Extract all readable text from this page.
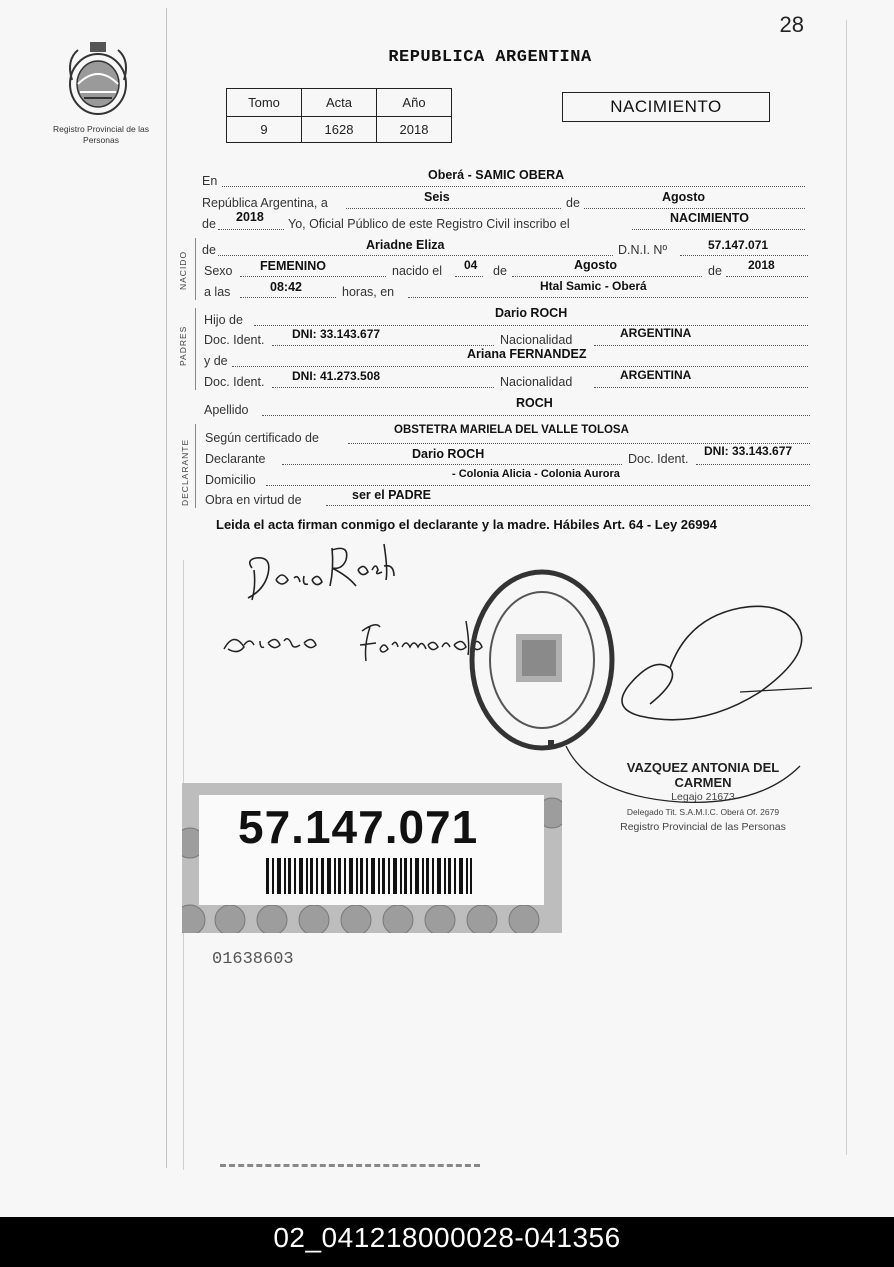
28
Registro Provincial de las Personas
REPUBLICA ARGENTINA
Tomo	Acta	Año
9	1628	2018
NACIMIENTO
En	Oberá - SAMIC OBERA
República Argentina, a	Seis	de	Agosto
de 2018 Yo, Oficial Público de este Registro Civil inscribo el	NACIMIENTO
NACIDO
de	Ariadne Eliza	D.N.I. Nº	57.147.071
Sexo FEMENINO	nacido el 04 de	Agosto	de 2018
a las	08:42	horas, en	Htal Samic - Oberá
PADRES
Hijo de	Dario ROCH
Doc. Ident. DNI: 33.143.677	Nacionalidad	ARGENTINA
y de	Ariana FERNANDEZ
Doc. Ident. DNI: 41.273.508	Nacionalidad	ARGENTINA
Apellido	ROCH
DECLARANTE
Según certificado de
OBSTETRA MARIELA DEL VALLE TOLOSA
Declarante	Dario ROCH	Doc. Ident.
DNI: 33.143.677
Domicilio	- Colonia Alicia - Colonia Aurora
Obra en virtud de	ser el PADRE
Leida el acta firman conmigo el declarante y la madre. Hábiles Art. 64 - Ley 26994
VAZQUEZ ANTONIA DEL CARMEN
Legajo 21673
Delegado Tit. S.A.M.I.C. Oberá Of. 2679
Registro Provincial de las Personas
57.147.071
01638603
02_041218000028-041356
